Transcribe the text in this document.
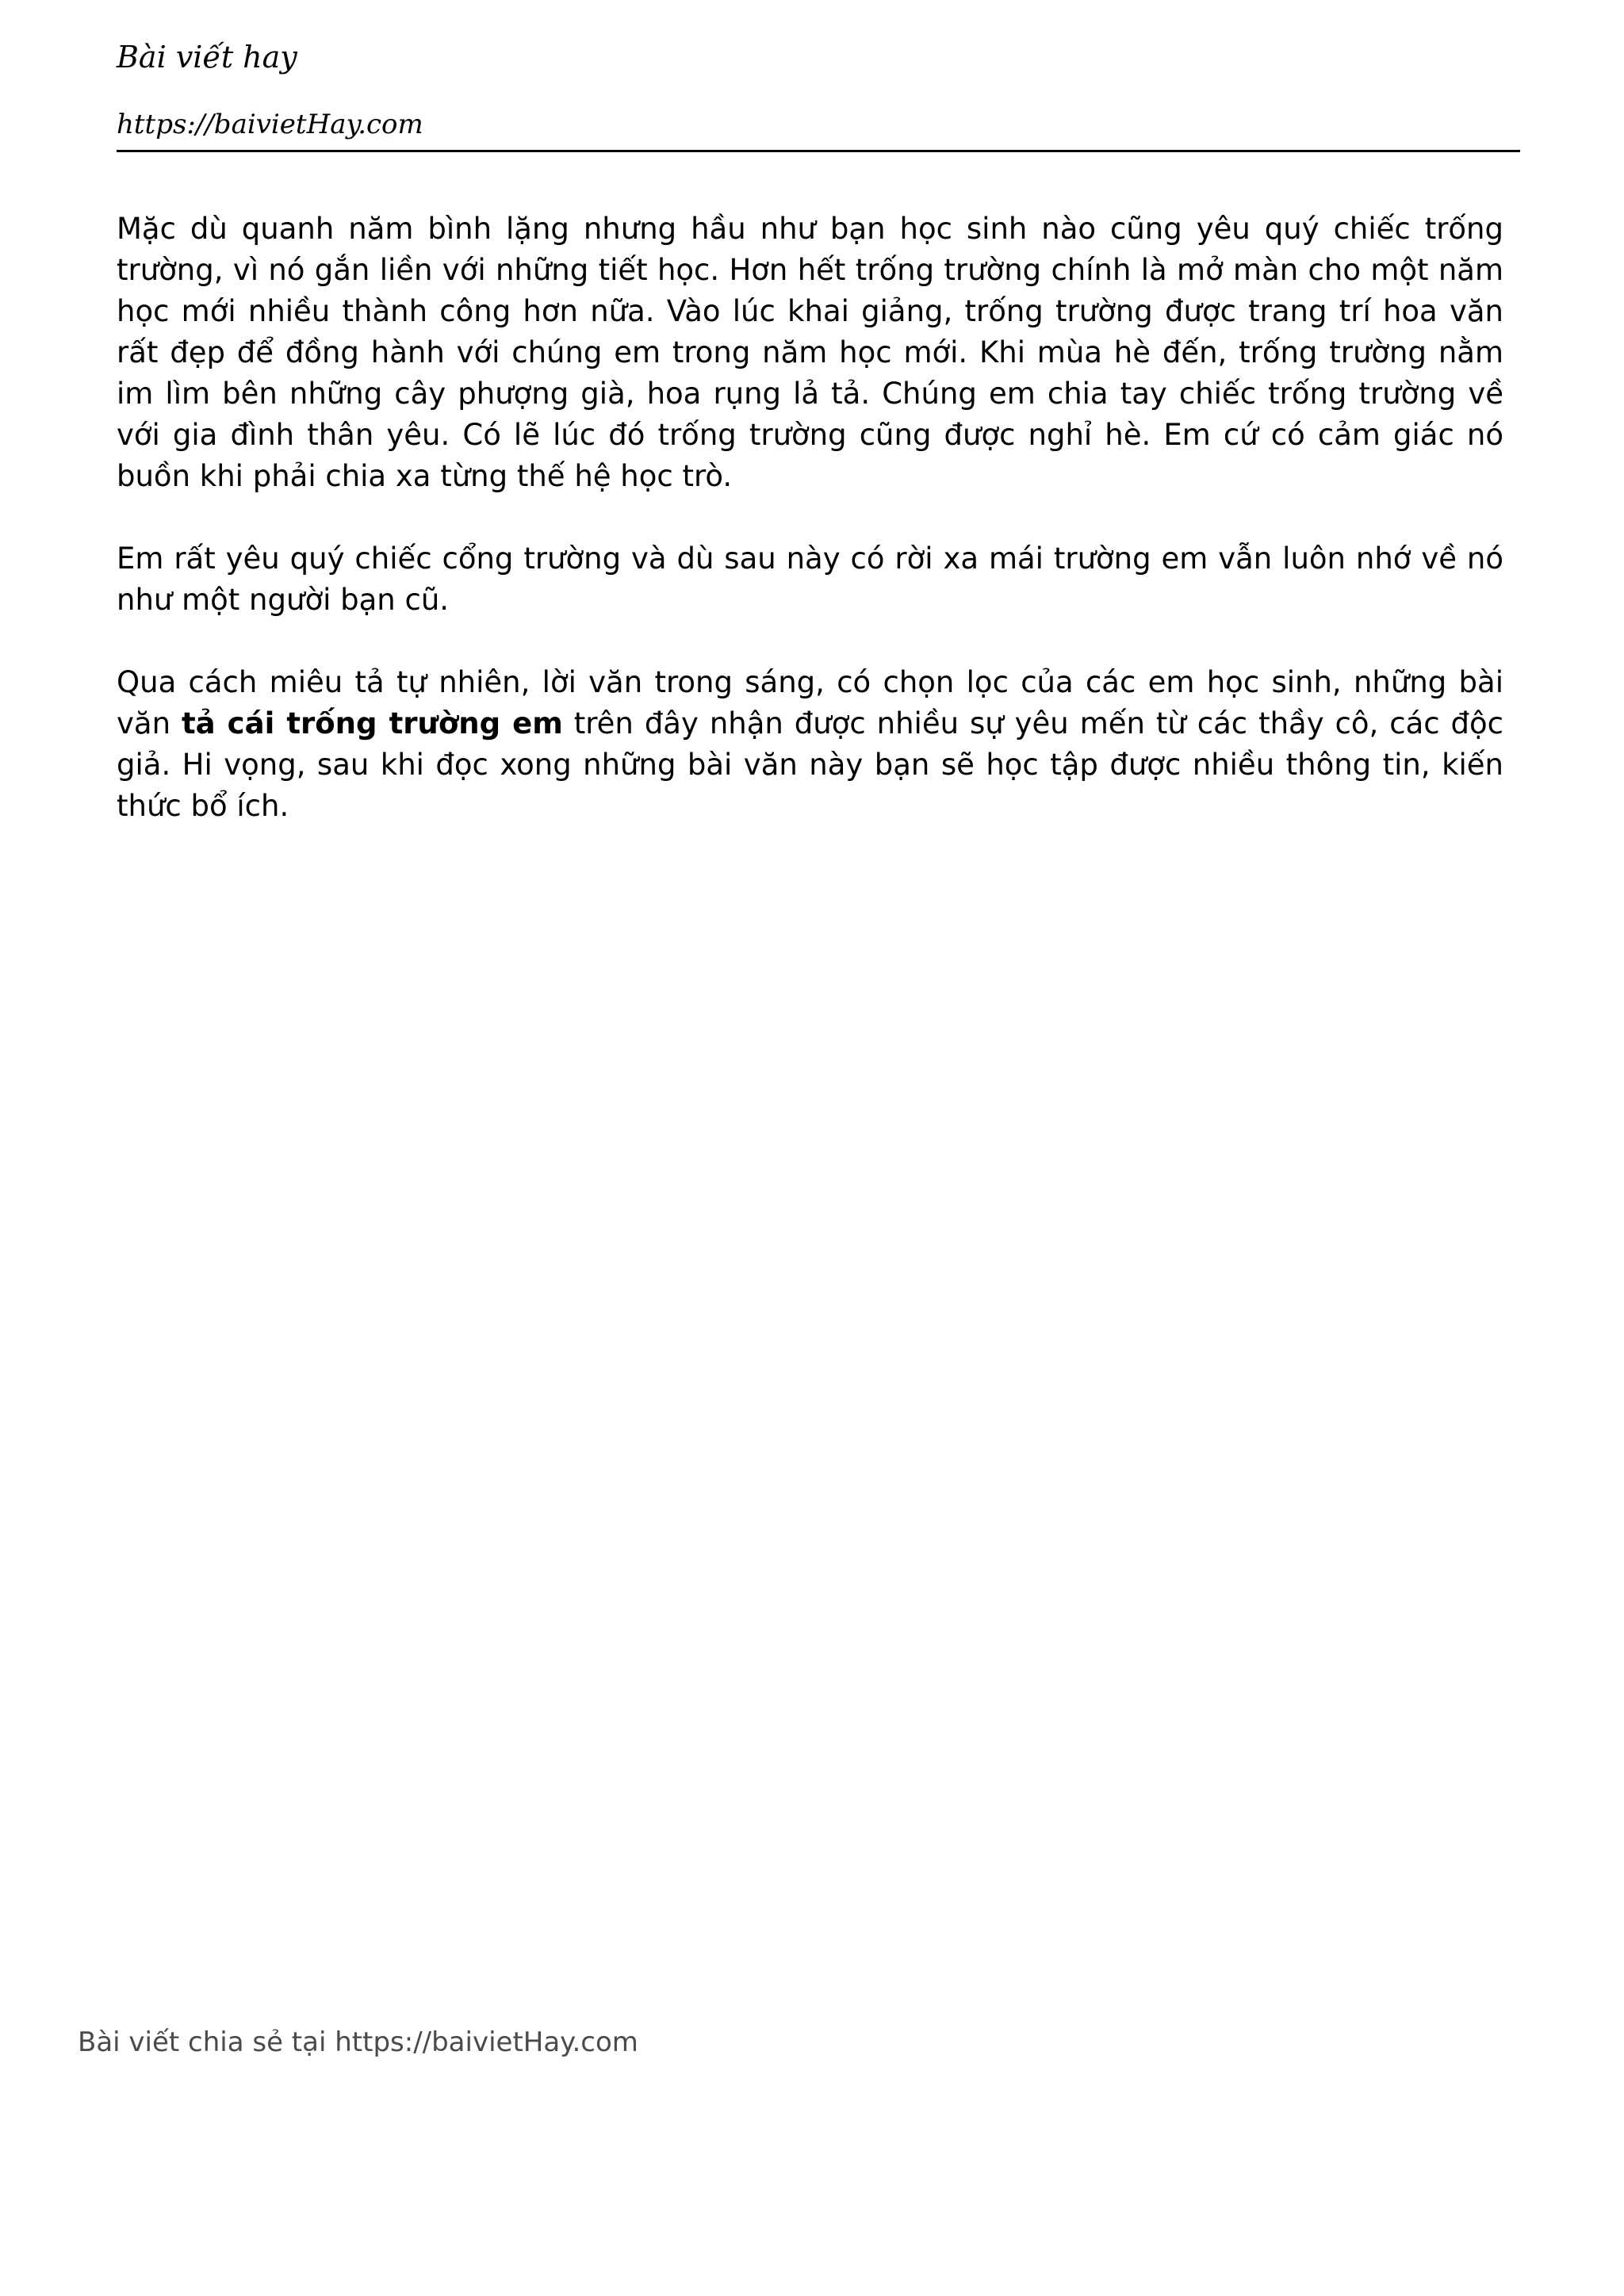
Bài viết hay
https://baivietHay.com

Mặc dù quanh năm bình lặng nhưng hầu như bạn học sinh nào cũng yêu quý chiếc trống trường, vì nó gắn liền với những tiết học. Hơn hết trống trường chính là mở màn cho một năm học mới nhiều thành công hơn nữa. Vào lúc khai giảng, trống trường được trang trí hoa văn rất đẹp để đồng hành với chúng em trong năm học mới. Khi mùa hè đến, trống trường nằm im lìm bên những cây phượng già, hoa rụng lả tả. Chúng em chia tay chiếc trống trường về với gia đình thân yêu. Có lẽ lúc đó trống trường cũng được nghỉ hè. Em cứ có cảm giác nó buồn khi phải chia xa từng thế hệ học trò.

Em rất yêu quý chiếc cổng trường và dù sau này có rời xa mái trường em vẫn luôn nhớ về nó như một người bạn cũ.

Qua cách miêu tả tự nhiên, lời văn trong sáng, có chọn lọc của các em học sinh, những bài văn tả cái trống trường em trên đây nhận được nhiều sự yêu mến từ các thầy cô, các độc giả. Hi vọng, sau khi đọc xong những bài văn này bạn sẽ học tập được nhiều thông tin, kiến thức bổ ích.

Bài viết chia sẻ tại https://baivietHay.com
